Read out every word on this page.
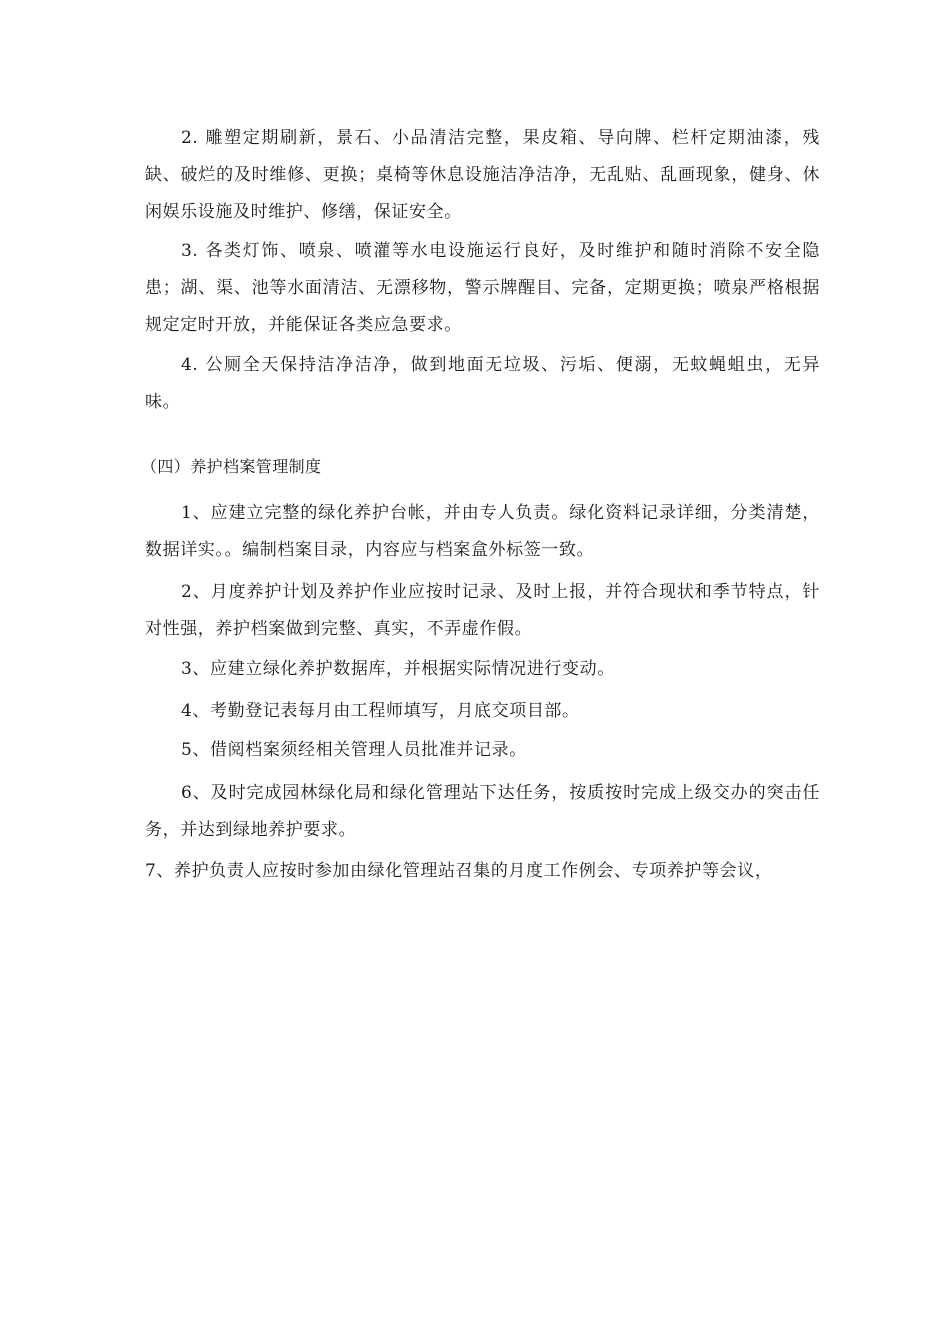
2. 雕塑定期刷新，景石、小品清洁完整，果皮箱、导向牌、栏杆定期油漆，残缺、破烂的及时维修、更换；桌椅等休息设施洁净洁净，无乱贴、乱画现象，健身、休闲娱乐设施及时维护、修缮，保证安全。

3. 各类灯饰、喷泉、喷灌等水电设施运行良好，及时维护和随时消除不安全隐患；湖、渠、池等水面清洁、无漂移物，警示牌醒目、完备，定期更换；喷泉严格根据规定定时开放，并能保证各类应急要求。

4. 公厕全天保持洁净洁净，做到地面无垃圾、污垢、便溺，无蚊蝇蛆虫，无异味。

（四）养护档案管理制度

1、应建立完整的绿化养护台帐，并由专人负责。绿化资料记录详细，分类清楚，数据详实。。编制档案目录，内容应与档案盒外标签一致。

2、月度养护计划及养护作业应按时记录、及时上报，并符合现状和季节特点，针对性强，养护档案做到完整、真实，不弄虚作假。

3、应建立绿化养护数据库，并根据实际情况进行变动。

4、考勤登记表每月由工程师填写，月底交项目部。

5、借阅档案须经相关管理人员批准并记录。

6、及时完成园林绿化局和绿化管理站下达任务，按质按时完成上级交办的突击任务，并达到绿地养护要求。

7、养护负责人应按时参加由绿化管理站召集的月度工作例会、专项养护等会议，
